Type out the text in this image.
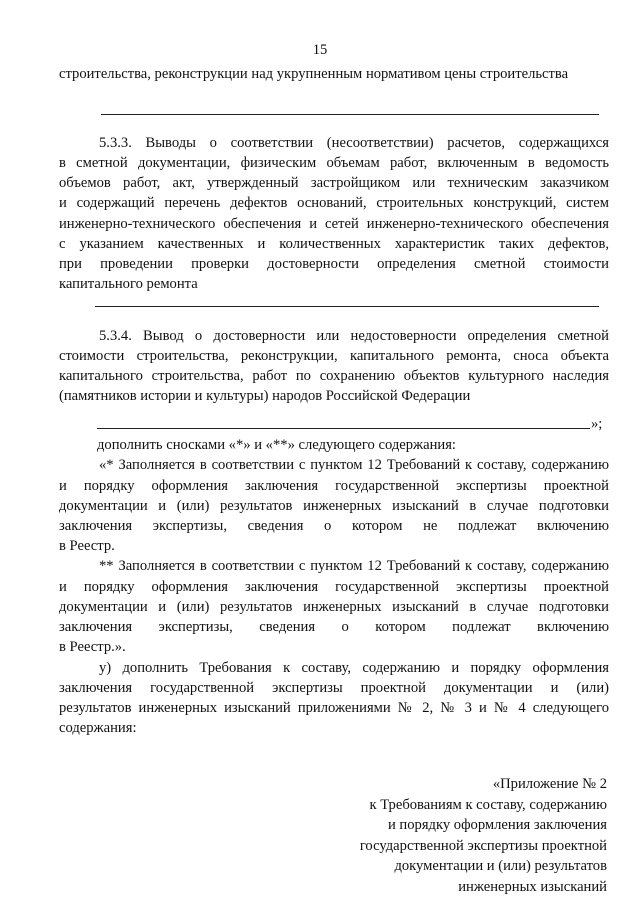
15
строительства, реконструкции над укрупненным нормативом цены строительства
5.3.3. Выводы о соответствии (несоответствии) расчетов, содержащихся
в сметной документации, физическим объемам работ, включенным в ведомость
объемов работ, акт, утвержденный застройщиком или техническим заказчиком
и содержащий перечень дефектов оснований, строительных конструкций, систем
инженерно-технического обеспечения и сетей инженерно-технического обеспечения
с указанием качественных и количественных характеристик таких дефектов,
при проведении проверки достоверности определения сметной стоимости
капитального ремонта
5.3.4. Вывод о достоверности или недостоверности определения сметной
стоимости строительства, реконструкции, капитального ремонта, сноса объекта
капитального строительства, работ по сохранению объектов культурного наследия
(памятников истории и культуры) народов Российской Федерации
»;
дополнить сносками «*» и «**» следующего содержания:
«* Заполняется в соответствии с пунктом 12 Требований к составу, содержанию
и порядку оформления заключения государственной экспертизы проектной
документации и (или) результатов инженерных изысканий в случае подготовки
заключения экспертизы, сведения о котором не подлежат включению
в Реестр.
** Заполняется в соответствии с пунктом 12 Требований к составу, содержанию
и порядку оформления заключения государственной экспертизы проектной
документации и (или) результатов инженерных изысканий в случае подготовки
заключения экспертизы, сведения о котором подлежат включению
в Реестр.».
у) дополнить Требования к составу, содержанию и порядку оформления
заключения государственной экспертизы проектной документации и (или)
результатов инженерных изысканий приложениями № 2, № 3 и № 4 следующего
содержания:
«Приложение № 2
к Требованиям к составу, содержанию
и порядку оформления заключения
государственной экспертизы проектной
документации и (или) результатов
инженерных изысканий
